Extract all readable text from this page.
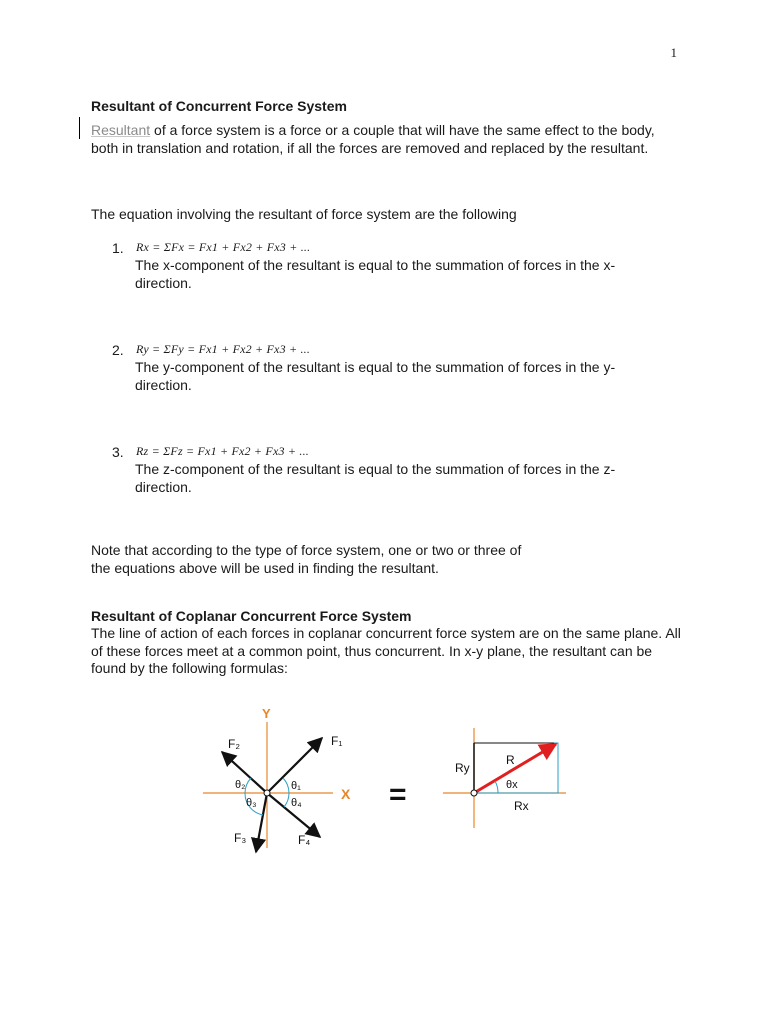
1
Resultant of Concurrent Force System
Resultant of a force system is a force or a couple that will have the same effect to the body, both in translation and rotation, if all the forces are removed and replaced by the resultant.
The equation involving the resultant of force system are the following
1. Rx = ΣFx = Fx1 + Fx2 + Fx3 + ...
The x-component of the resultant is equal to the summation of forces in the x-direction.
2. Ry = ΣFy = Fx1 + Fx2 + Fx3 + ...
The y-component of the resultant is equal to the summation of forces in the y-direction.
3. Rz = ΣFz = Fx1 + Fx2 + Fx3 + ...
The z-component of the resultant is equal to the summation of forces in the z-direction.
Note that according to the type of force system, one or two or three of
the equations above will be used in finding the resultant.
Resultant of Coplanar Concurrent Force System
The line of action of each forces in coplanar concurrent force system are on the same plane. All of these forces meet at a common point, thus concurrent. In x-y plane, the resultant can be found by the following formulas:
Y
X
F₁
F₂
F₃	F₄
θ₁
θ₂
θ₃	θ₄	=
R
Ry
θx
Rx
